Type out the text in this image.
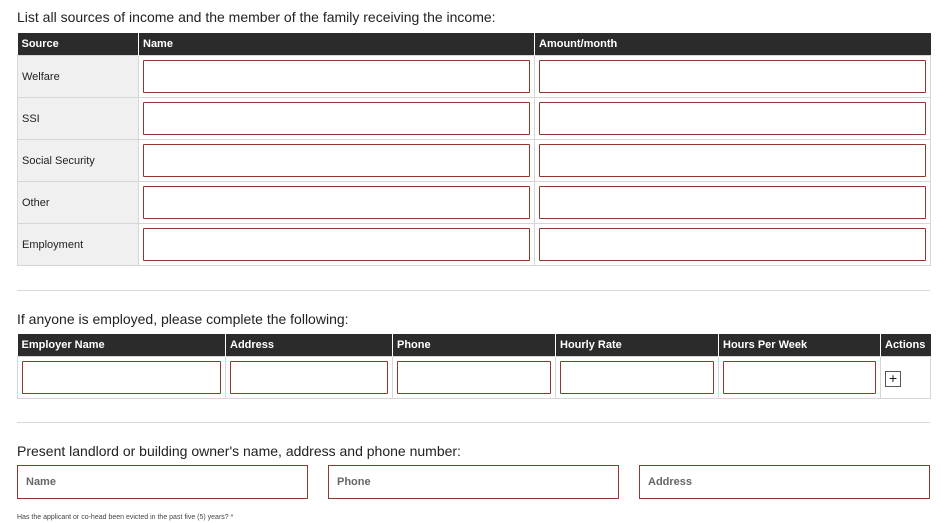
List all sources of income and the member of the family receiving the income:
Source	Name	Amount/month
Welfare		
SSI		
Social Security		
Other		
Employment		
If anyone is employed, please complete the following:
Employer Name	Address	Phone	Hourly Rate	Hours Per Week	Actions
					+
Present landlord or building owner's name, address and phone number:
Name
Phone
Address
Has the applicant or co-head been evicted in the past five (5) years? *
